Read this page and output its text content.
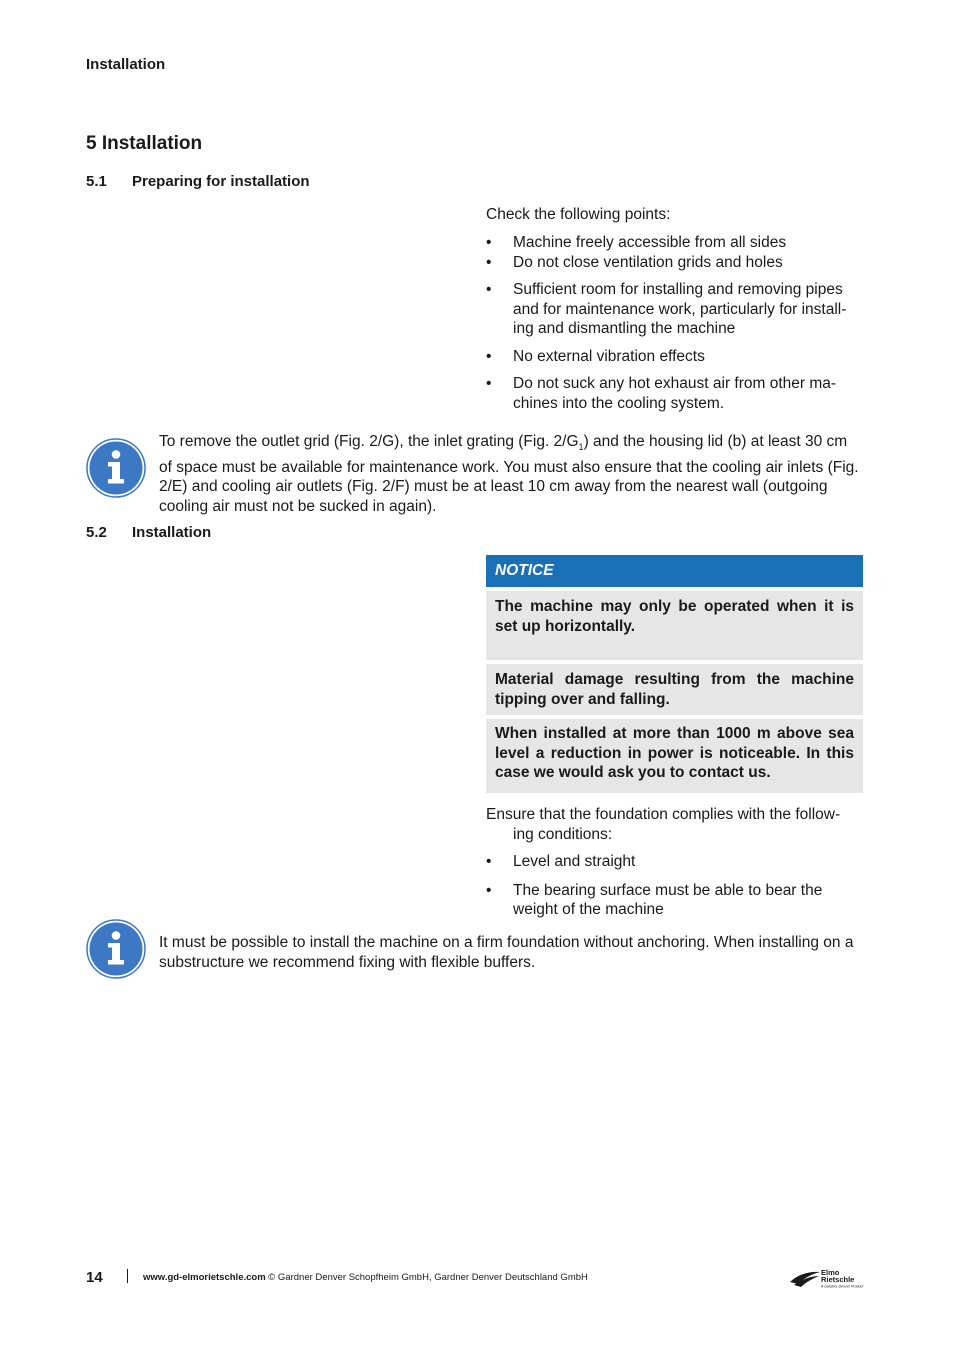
Installation
5 Installation
5.1 Preparing for installation
Check the following points:
• Machine freely accessible from all sides
• Do not close ventilation grids and holes
• Sufficient room for installing and removing pipes and for maintenance work, particularly for install-ing and dismantling the machine
• No external vibration effects
• Do not suck any hot exhaust air from other ma-chines into the cooling system.
To remove the outlet grid (Fig. 2/G), the inlet grating (Fig. $2/G_1$) and the housing lid (b) at least 30 cm of space must be available for maintenance work. You must also ensure that the cooling air inlets (Fig. 2/E) and cooling air outlets (Fig. 2/F) must be at least 10 cm away from the nearest wall (outgoing cooling air must not be sucked in again).
5.2 Installation
NOTICE
The machine may only be operated when it is set up horizontally.
Material damage resulting from the machine tipping over and falling.
When installed at more than 1000 m above sea level a reduction in power is noticeable. In this case we would ask you to contact us.
Ensure that the foundation complies with the follow-
ing conditions:
• Level and straight
• The bearing surface must be able to bear the weight of the machine
It must be possible to install the machine on a firm foundation without anchoring. When installing on a substructure we recommend fixing with flexible buffers.
14	www.gd-elmorietschle.com © Gardner Denver Schopfheim GmbH, Gardner Denver Deutschland GmbH	Elmo
Rietschle
A Gardner Denver Product
